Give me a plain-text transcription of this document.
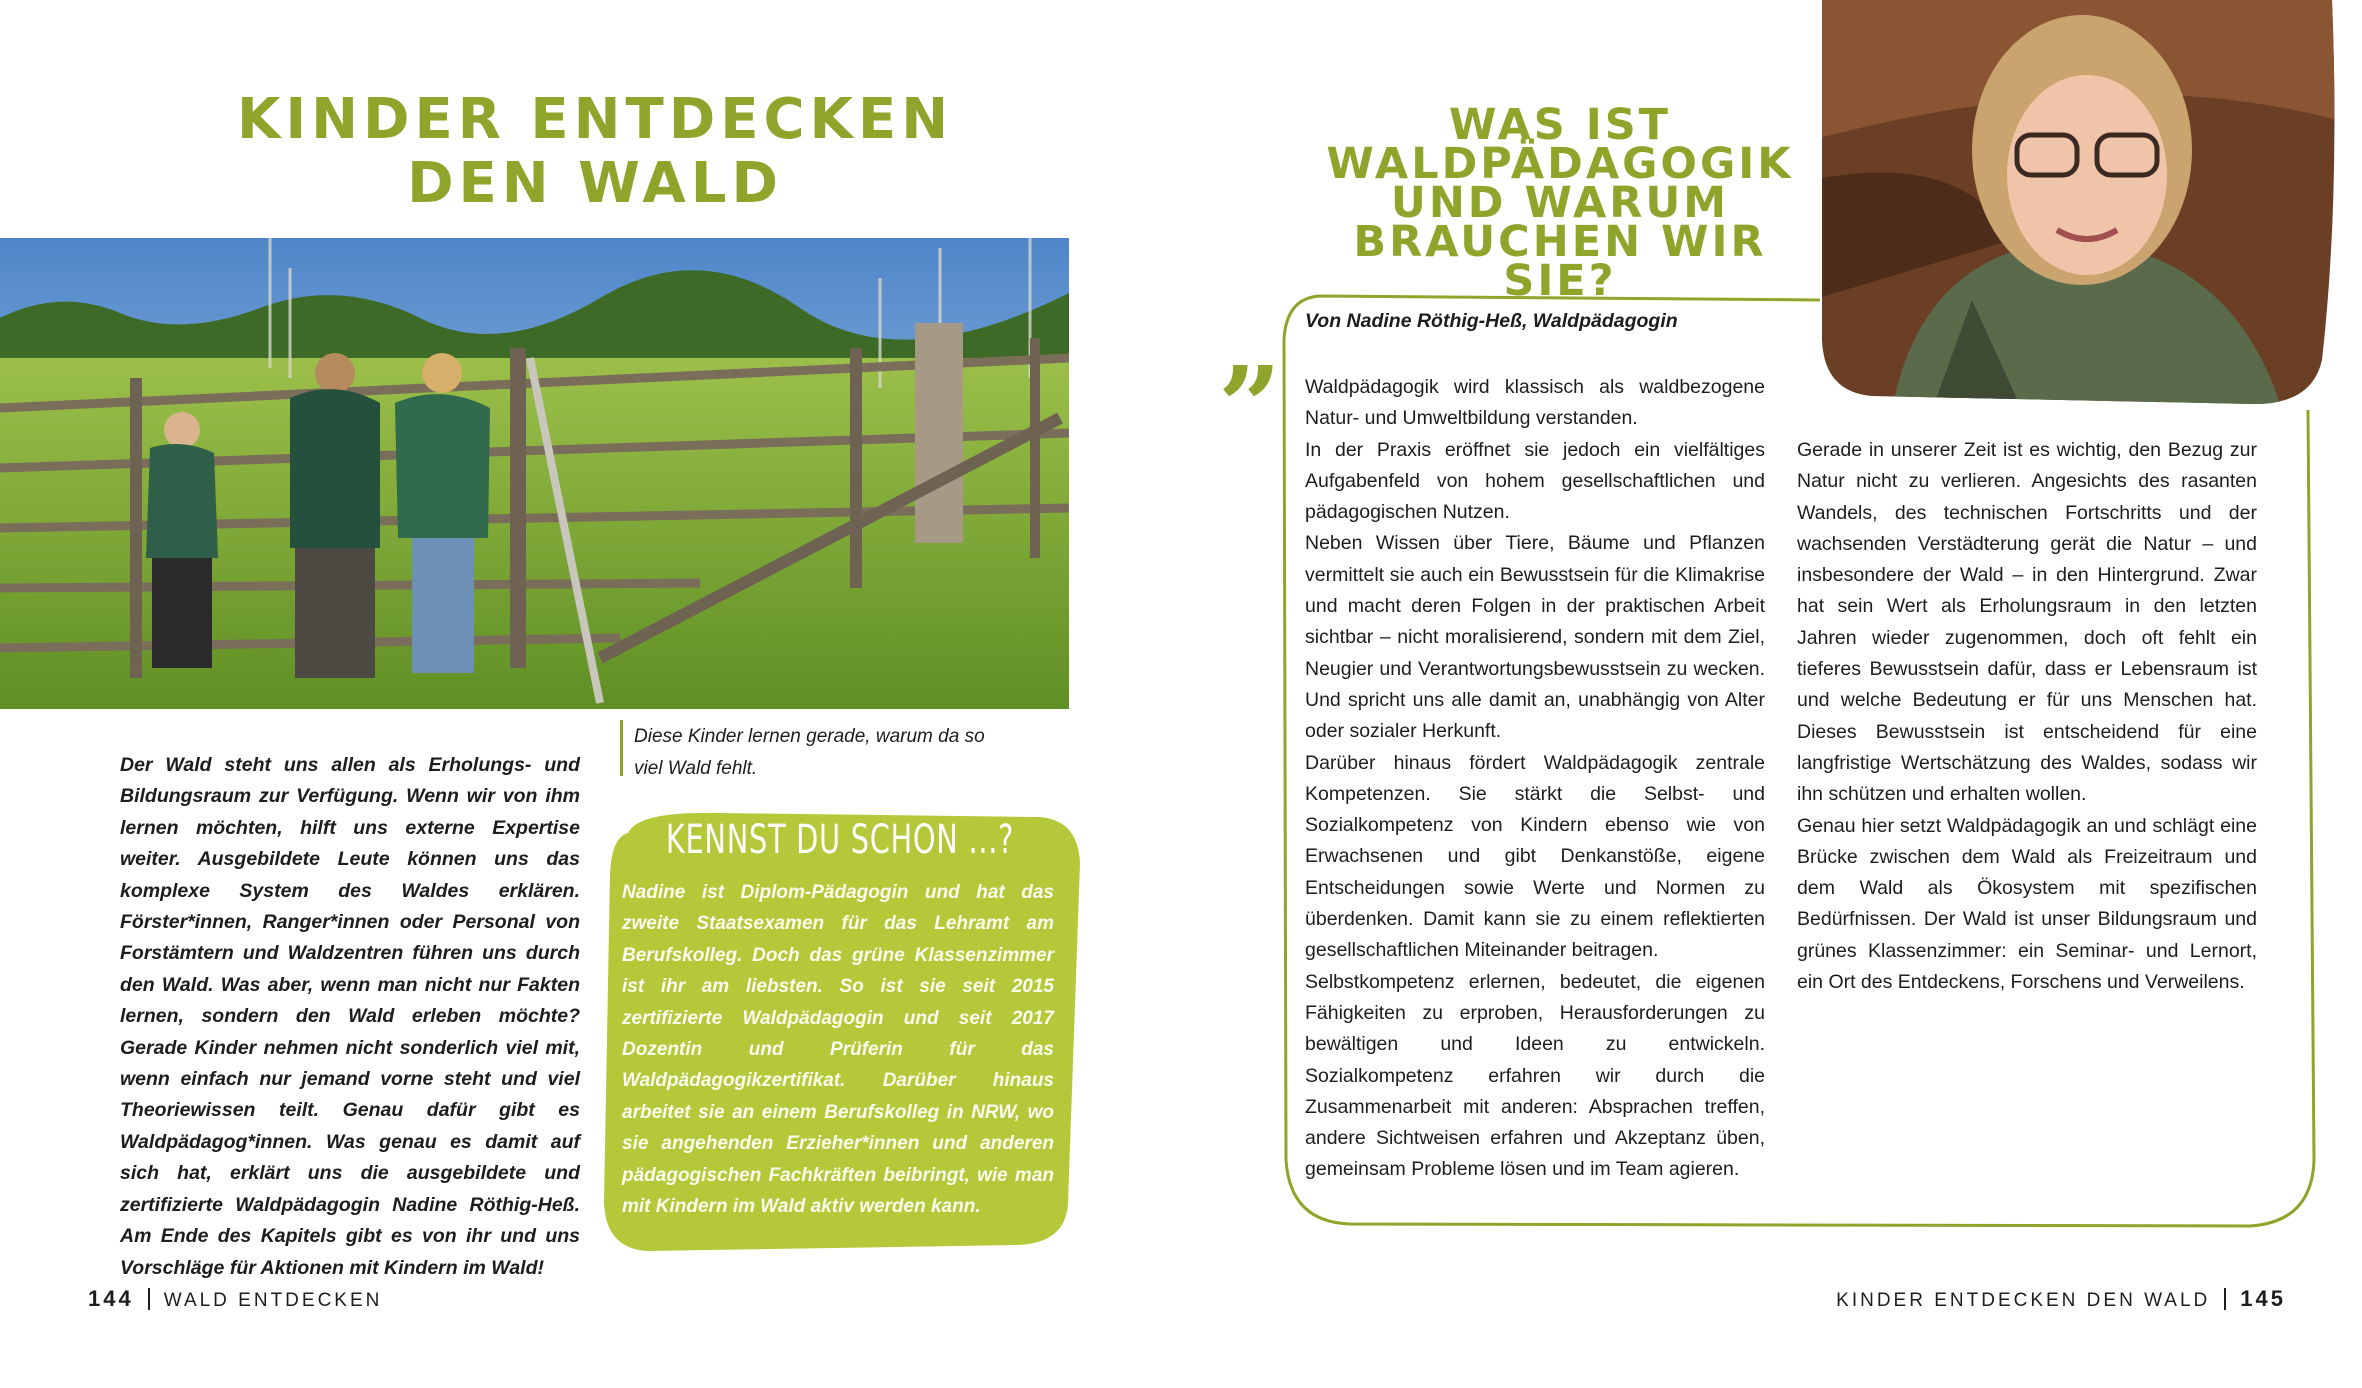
KINDER ENTDECKEN
DEN WALD
Diese Kinder lernen gerade, warum da so viel Wald fehlt.
Der Wald steht uns allen als Erholungs- und Bildungsraum zur Verfügung. Wenn wir von ihm lernen möchten, hilft uns externe Expertise weiter. Ausgebildete Leute können uns das komplexe System des Waldes erklären. Förster*innen, Ranger*innen oder Personal von Forstämtern und Waldzentren führen uns durch den Wald. Was aber, wenn man nicht nur Fakten lernen, sondern den Wald erleben möchte? Gerade Kinder nehmen nicht sonderlich viel mit, wenn einfach nur jemand vorne steht und viel Theoriewissen teilt. Genau dafür gibt es Waldpädagog*innen. Was genau es damit auf sich hat, erklärt uns die ausgebildete und zertifizierte Waldpädagogin Nadine Röthig-Heß. Am Ende des Kapitels gibt es von ihr und uns Vorschläge für Aktionen mit Kindern im Wald!
KENNST DU SCHON ...?
Nadine ist Diplom-Pädagogin und hat das zweite Staatsexamen für das Lehramt am Berufskolleg. Doch das grüne Klassenzimmer ist ihr am liebsten. So ist sie seit 2015 zertifizierte Waldpädagogin und seit 2017 Dozentin und Prüferin für das Waldpädagogikzertifikat. Darüber hinaus arbeitet sie an einem Berufskolleg in NRW, wo sie angehenden Erzieher*innen und anderen pädagogischen Fachkräften beibringt, wie man mit Kindern im Wald aktiv werden kann.
144 WALD ENTDECKEN
WAS IST
WALDPÄDAGOGIK
UND WARUM
BRAUCHEN WIR SIE?
Von Nadine Röthig-Heß, Waldpädagogin
” Waldpädagogik wird klassisch als waldbezogene Natur- und Umweltbildung verstanden.

In der Praxis eröffnet sie jedoch ein vielfältiges Aufgabenfeld von hohem gesellschaftlichen und pädagogischen Nutzen.

Neben Wissen über Tiere, Bäume und Pflanzen vermittelt sie auch ein Bewusstsein für die Klimakrise und macht deren Folgen in der praktischen Arbeit sichtbar – nicht moralisierend, sondern mit dem Ziel, Neugier und Verantwortungsbewusstsein zu wecken. Und spricht uns alle damit an, unabhängig von Alter oder sozialer Herkunft.

Darüber hinaus fördert Waldpädagogik zentrale Kompetenzen. Sie stärkt die Selbst- und Sozialkompetenz von Kindern ebenso wie von Erwachsenen und gibt Denkanstöße, eigene Entscheidungen sowie Werte und Normen zu überdenken. Damit kann sie zu einem reflektierten gesellschaftlichen Miteinander beitragen.

Selbstkompetenz erlernen, bedeutet, die eigenen Fähigkeiten zu erproben, Herausforderungen zu bewältigen und Ideen zu entwickeln. Sozialkompetenz erfahren wir durch die Zusammenarbeit mit anderen: Absprachen treffen, andere Sichtweisen erfahren und Akzeptanz üben, gemeinsam Probleme lösen und im Team agieren.

Gerade in unserer Zeit ist es wichtig, den Bezug zur Natur nicht zu verlieren. Angesichts des rasanten Wandels, des technischen Fortschritts und der wachsenden Verstädterung gerät die Natur – und insbesondere der Wald – in den Hintergrund. Zwar hat sein Wert als Erholungsraum in den letzten Jahren wieder zugenommen, doch oft fehlt ein tieferes Bewusstsein dafür, dass er Lebensraum ist und welche Bedeutung er für uns Menschen hat. Dieses Bewusstsein ist entscheidend für eine langfristige Wertschätzung des Waldes, sodass wir ihn schützen und erhalten wollen.

Genau hier setzt Waldpädagogik an und schlägt eine Brücke zwischen dem Wald als Freizeitraum und dem Wald als Ökosystem mit spezifischen Bedürfnissen. Der Wald ist unser Bildungsraum und grünes Klassenzimmer: ein Seminar- und Lernort, ein Ort des Entdeckens, Forschens und Verweilens.

KINDER ENTDECKEN DEN WALD 145
